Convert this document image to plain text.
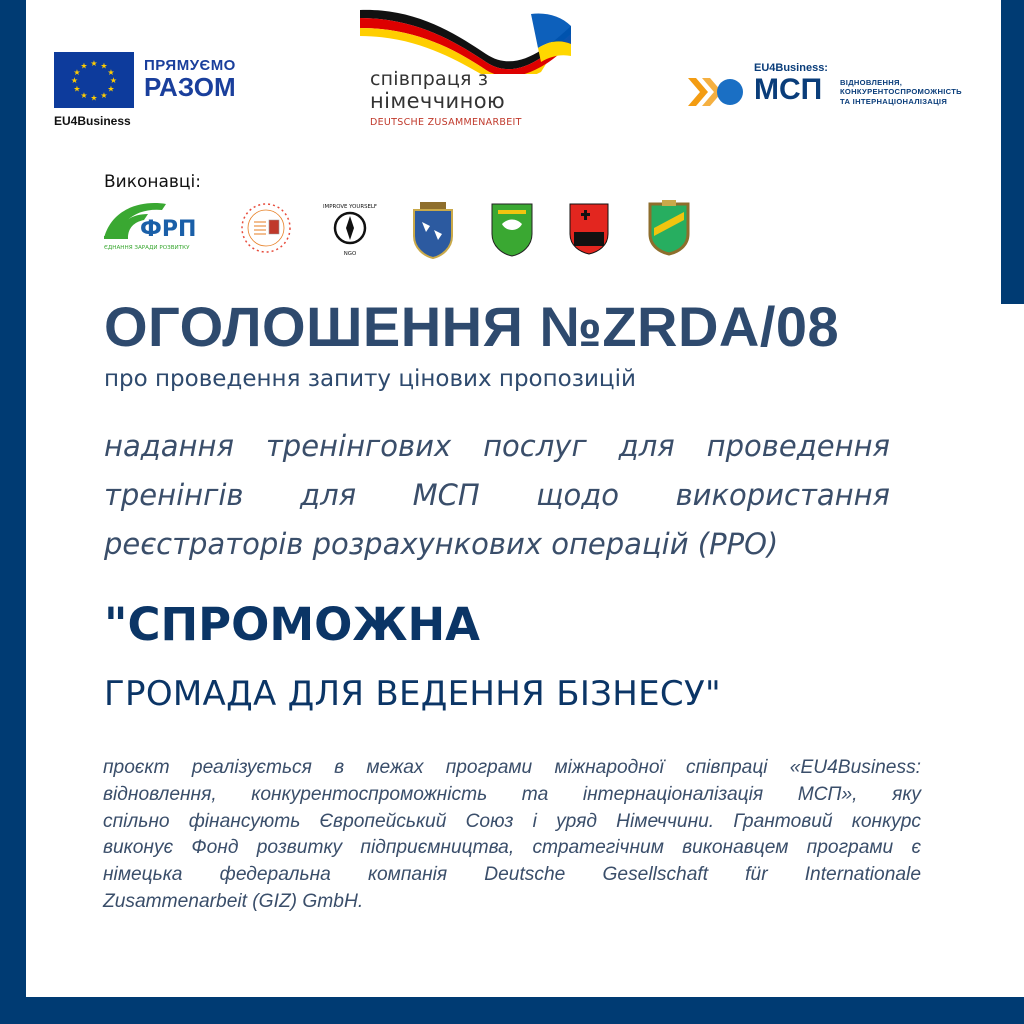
★ ★
★
★
★
★
★
★
★
★
★
★	ПРЯМУЄМО
РАЗОМ
EU4Business
співпраця з
німеччиною
DEUTSCHE ZUSAMMENARBEIT
EU4Business:
МСП ВІДНОВЛЕННЯ,
КОНКУРЕНТОСПРОМОЖНІСТЬ
ТА ІНТЕРНАЦІОНАЛІЗАЦІЯ
Виконавці:
ФРП
ЄДНАННЯ ЗАРАДИ РОЗВИТКУ
IMPROVE YOURSELF
NGO
ОГОЛОШЕННЯ №ZRDA/08
про проведення запиту цінових пропозицій
надання тренінгових послуг для проведення
тренінгів для МСП щодо використання
реєстраторів розрахункових операцій (РРО)
"СПРОМОЖНА
ГРОМАДА ДЛЯ ВЕДЕННЯ БІЗНЕСУ"
проєкт реалізується в межах програми міжнародної співпраці «EU4Business:
відновлення, конкурентоспроможність та інтернаціоналізація МСП», яку
спільно фінансують Європейський Союз і уряд Німеччини. Грантовий конкурс
виконує Фонд розвитку підприємництва, стратегічним виконавцем програми є
німецька федеральна компанія Deutsche Gesellschaft für Internationale
Zusammenarbeit (GIZ) GmbH.
